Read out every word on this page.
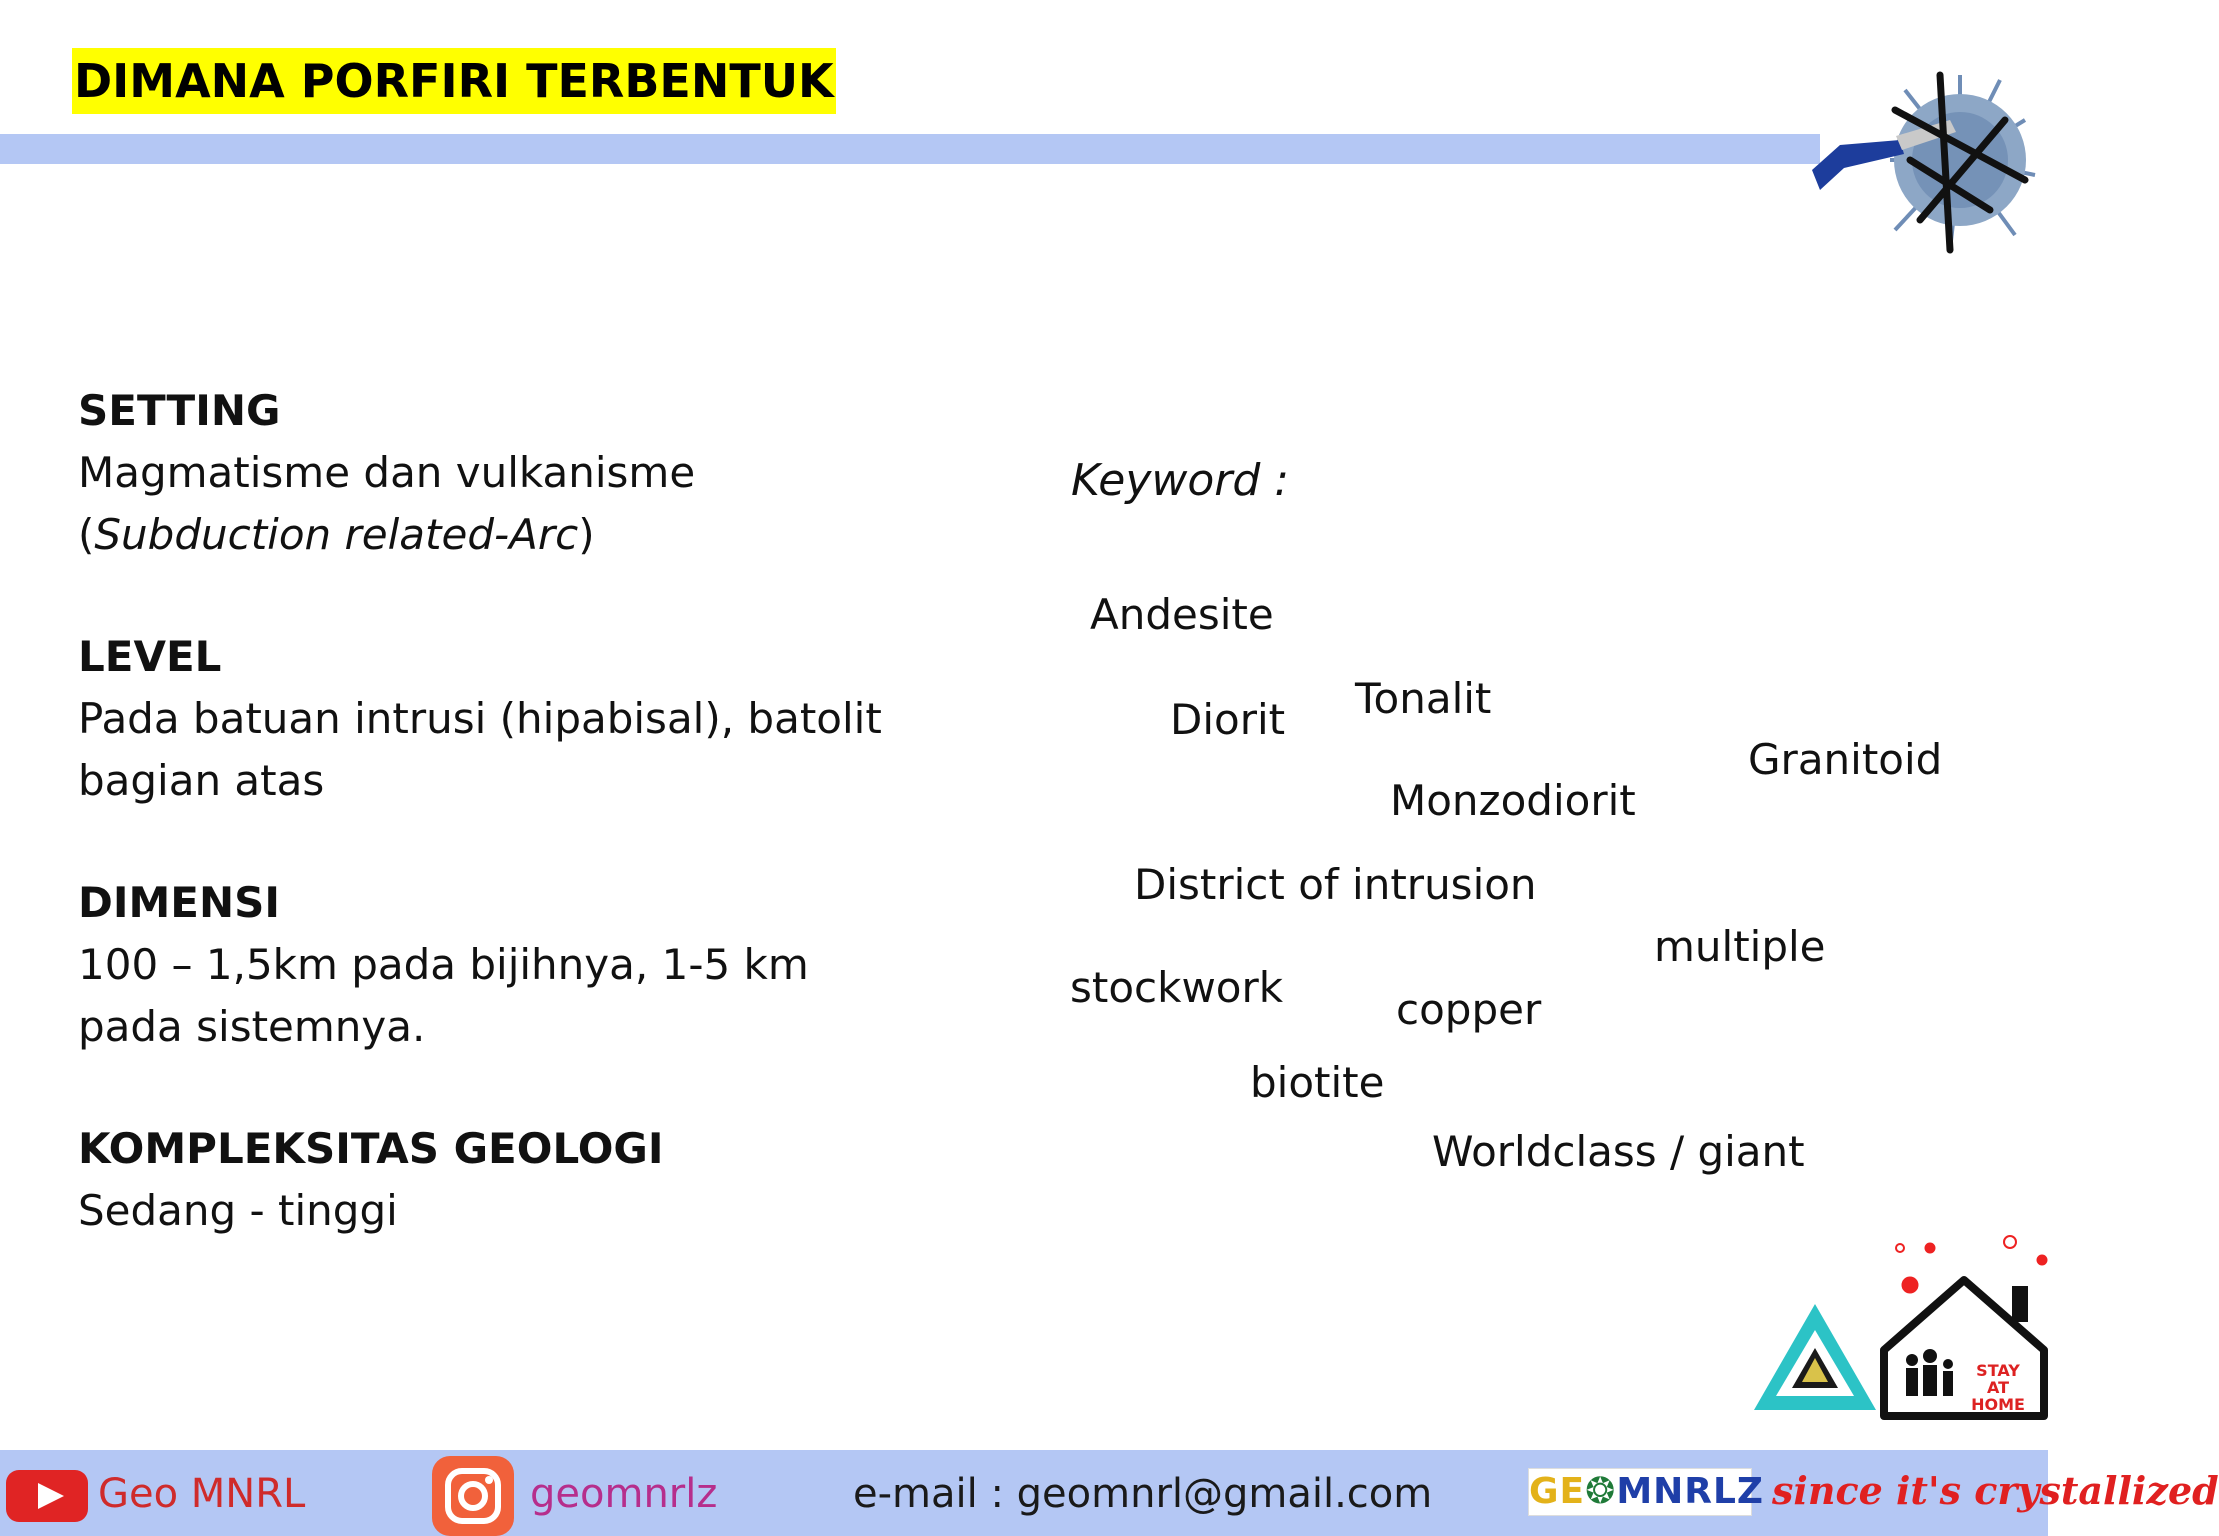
DIMANA PORFIRI TERBENTUK
SETTING
Magmatisme dan vulkanisme
(Subduction related-Arc)
LEVEL
Pada batuan intrusi (hipabisal), batolit
bagian atas
DIMENSI
100 – 1,5km pada bijihnya, 1-5 km
pada sistemnya.
KOMPLEKSITAS GEOLOGI
Sedang - tinggi
Keyword :
Andesite
Diorit Tonalit
Granitoid
Monzodiorit
District of intrusion
multiple
stockwork	copper
biotite
Worldclass / giant
STAY AT HOME
Geo MNRL	geomnrlz	e-mail : geomnrl@gmail.com	GE❂MNRLZ since it's crystallized
